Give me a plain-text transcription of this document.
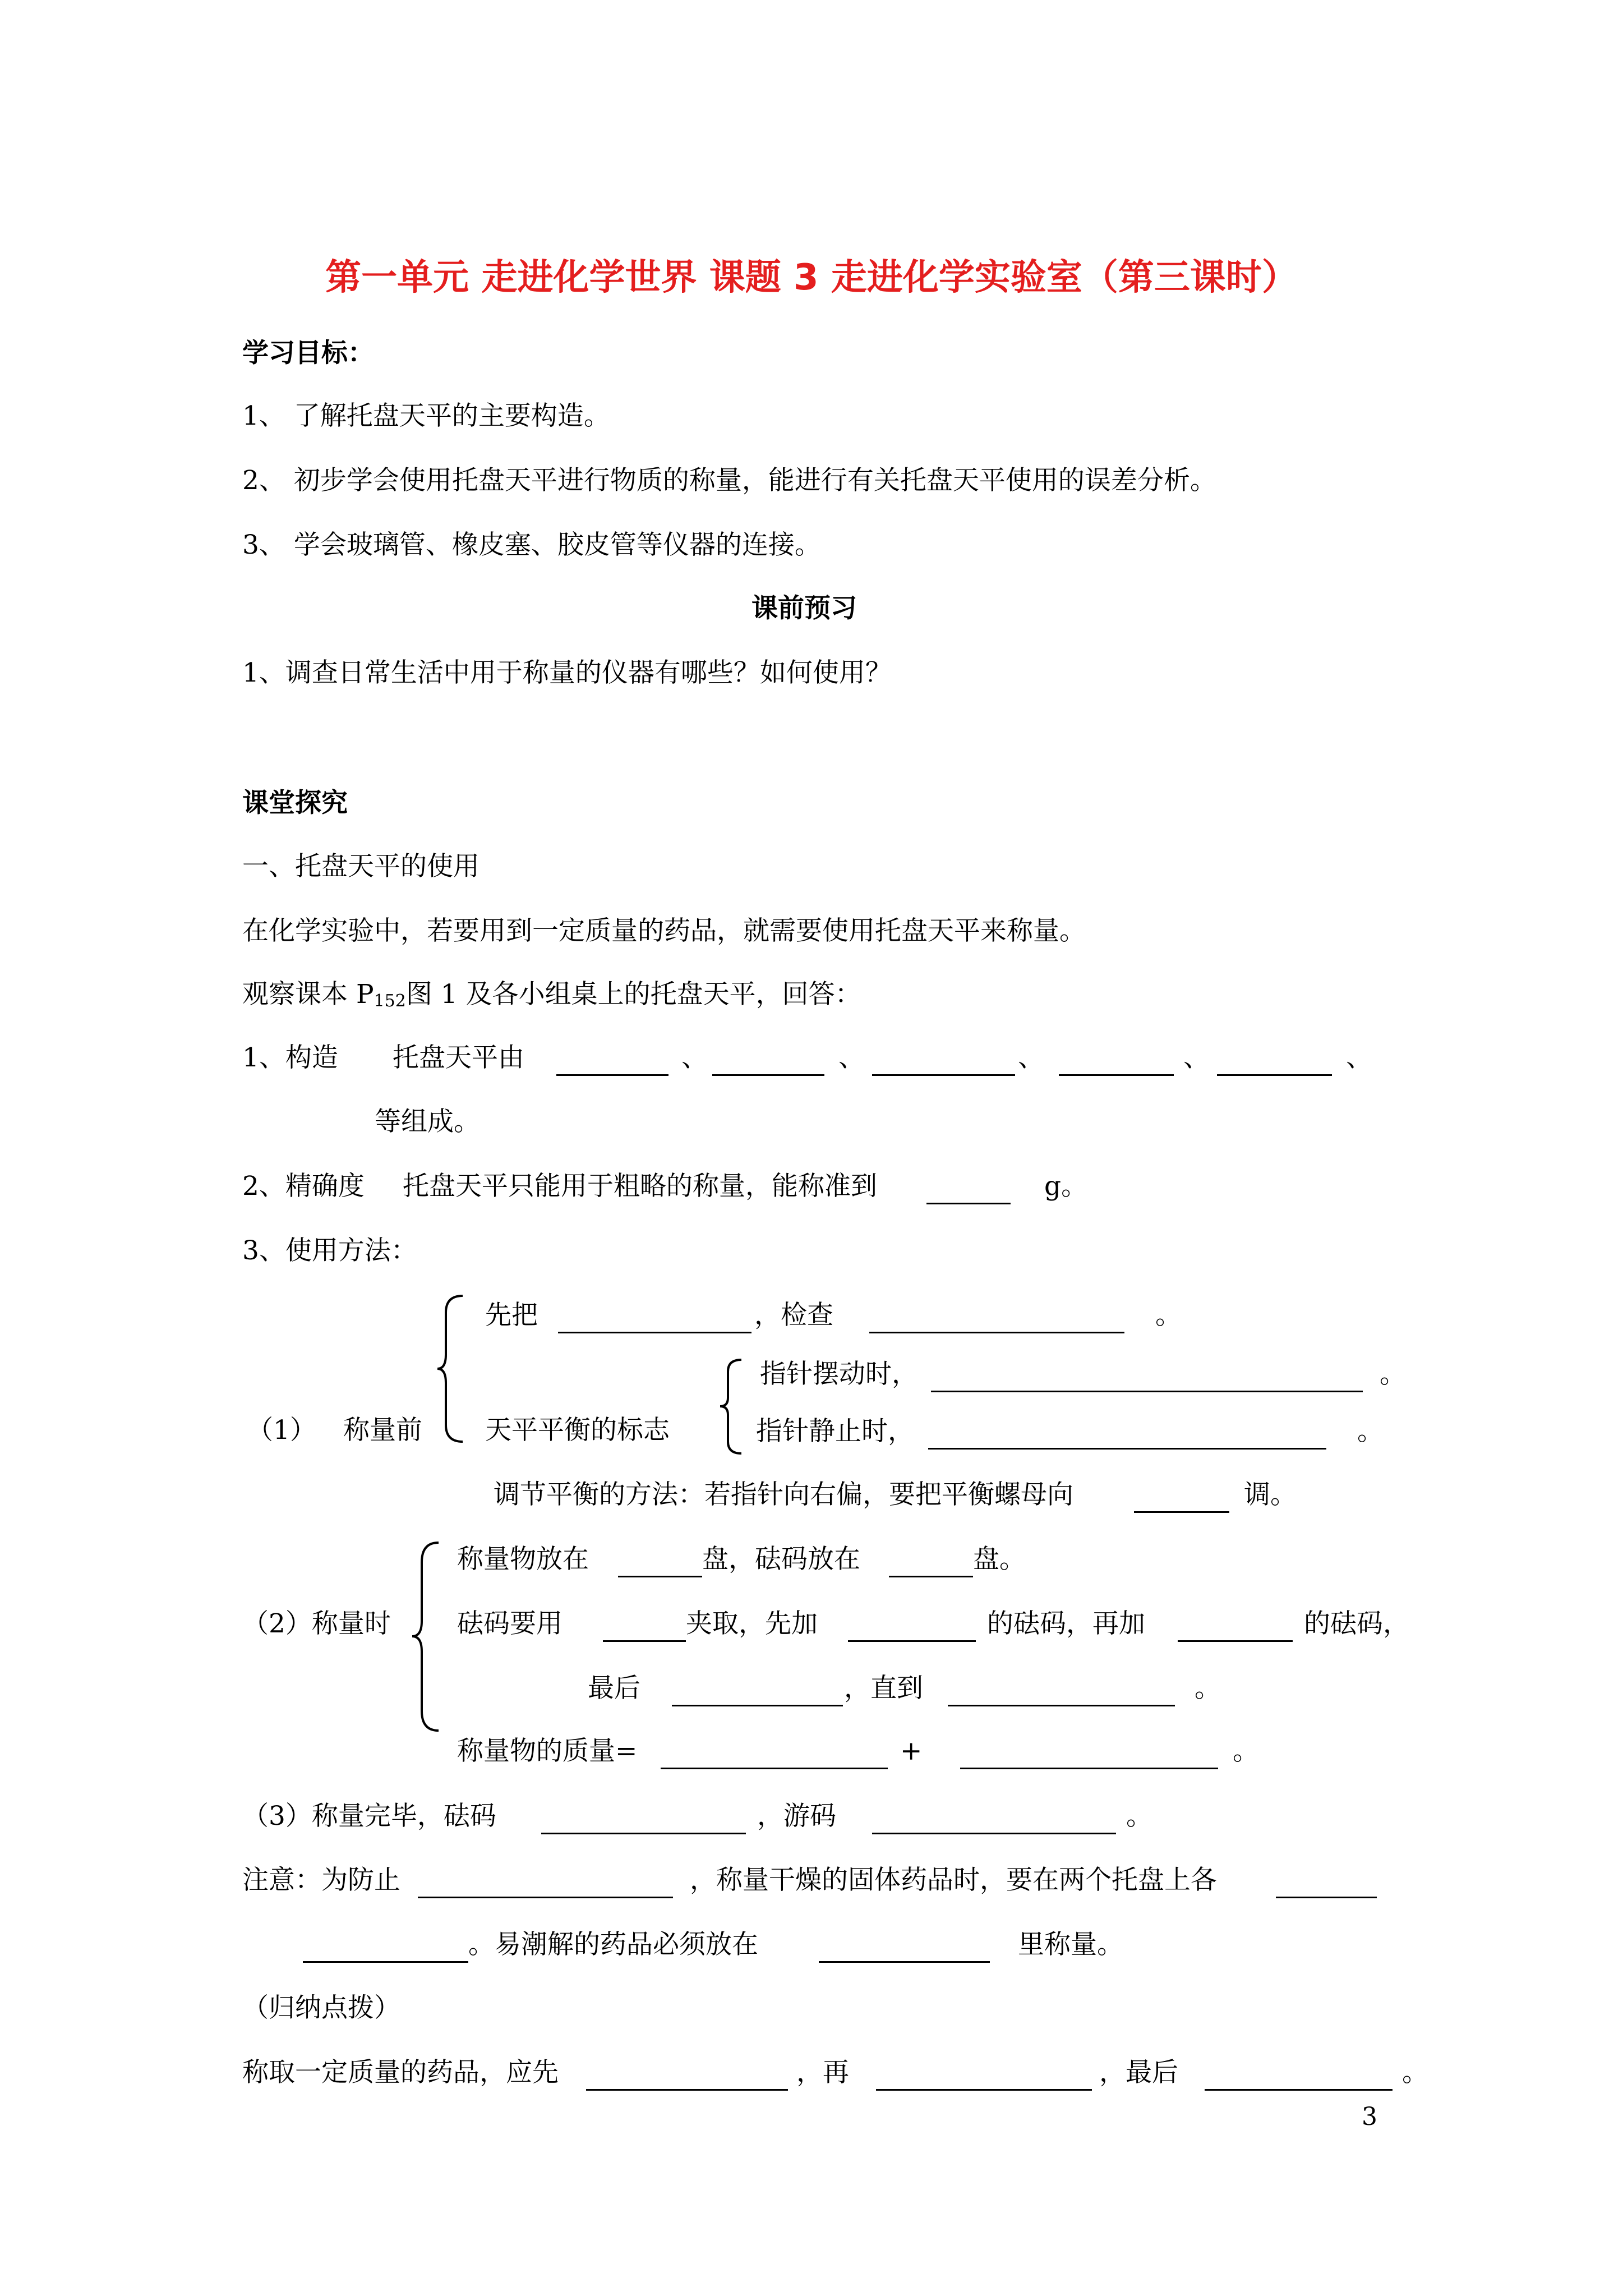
第一单元 走进化学世界 课题 3 走进化学实验室（第三课时）
学习目标：
1、 了解托盘天平的主要构造。
2、 初步学会使用托盘天平进行物质的称量，能进行有关托盘天平使用的误差分析。
3、 学会玻璃管、橡皮塞、胶皮管等仪器的连接。
课前预习
1、调查日常生活中用于称量的仪器有哪些？如何使用？
课堂探究
一、托盘天平的使用
在化学实验中，若要用到一定质量的药品，就需要使用托盘天平来称量。
观察课本 $P_{152}$图 1 及各小组桌上的托盘天平，回答：
1、构造 托盘天平由	、	、	、	、	、
等组成。
2、精确度 托盘天平只能用于粗略的称量，能称准到	g。
3、使用方法：
先把	，检查	。
（1） 称量前 天平平衡的标志
指针摆动时，	。
指针静止时，	。
调节平衡的方法：若指针向右偏，要把平衡螺母向	调。
（2）称量时
称量物放在	盘，砝码放在	盘。
砝码要用	夹取，先加	的砝码，再加	的砝码，
最后	，直到	。
称量物的质量=	+	。
（3）称量完毕，砝码	，游码	。
注意：为防止	，称量干燥的固体药品时，要在两个托盘上各
。易潮解的药品必须放在	里称量。
（归纳点拨）
称取一定质量的药品，应先	，再	，最后	。
3
